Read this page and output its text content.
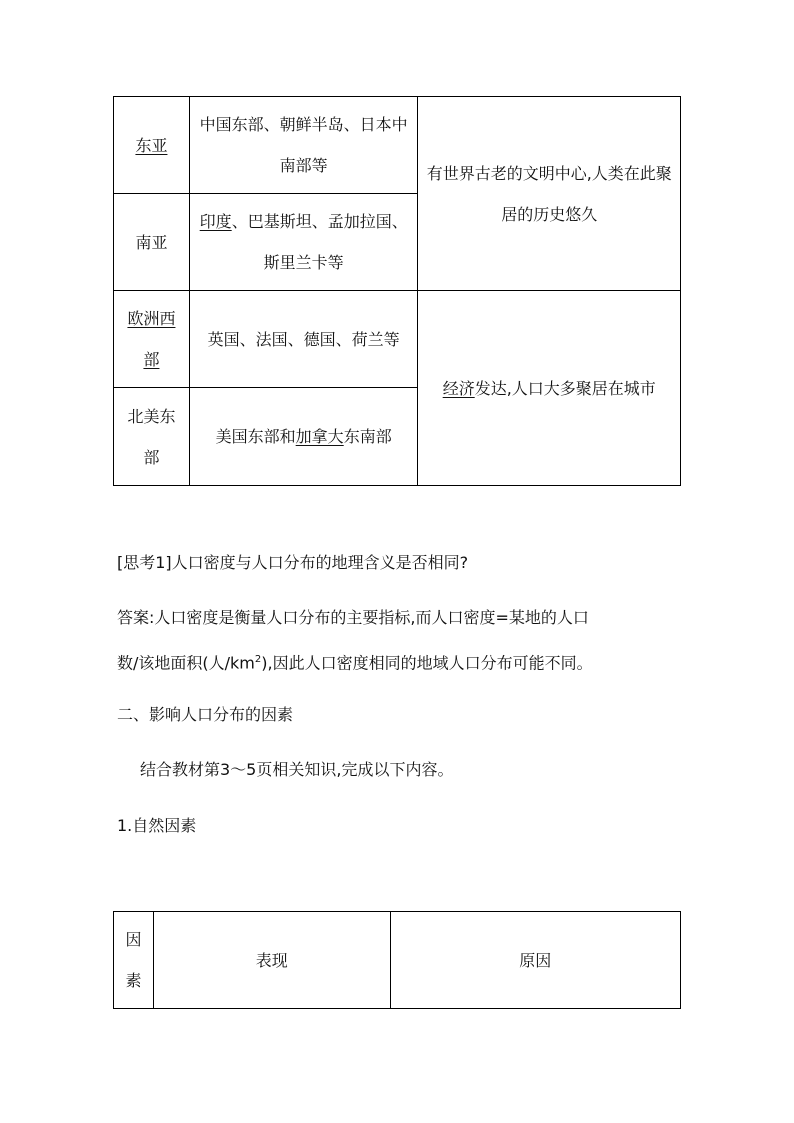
东亚	中国东部、朝鲜半岛、日本中南部等	有世界古老的文明中心,人类在此聚居的历史悠久
南亚	印度、巴基斯坦、孟加拉国、斯里兰卡等	
欧洲西部	英国、法国、德国、荷兰等	经济发达,人口大多聚居在城市
北美东部	美国东部和加拿大东南部	
[思考1]人口密度与人口分布的地理含义是否相同?
答案:人口密度是衡量人口分布的主要指标,而人口密度=某地的人口
数/该地面积(人$/km^2$),因此人口密度相同的地域人口分布可能不同。
二、影响人口分布的因素
结合教材第3～5页相关知识,完成以下内容。
1.自然因素
因素	表现	原因
